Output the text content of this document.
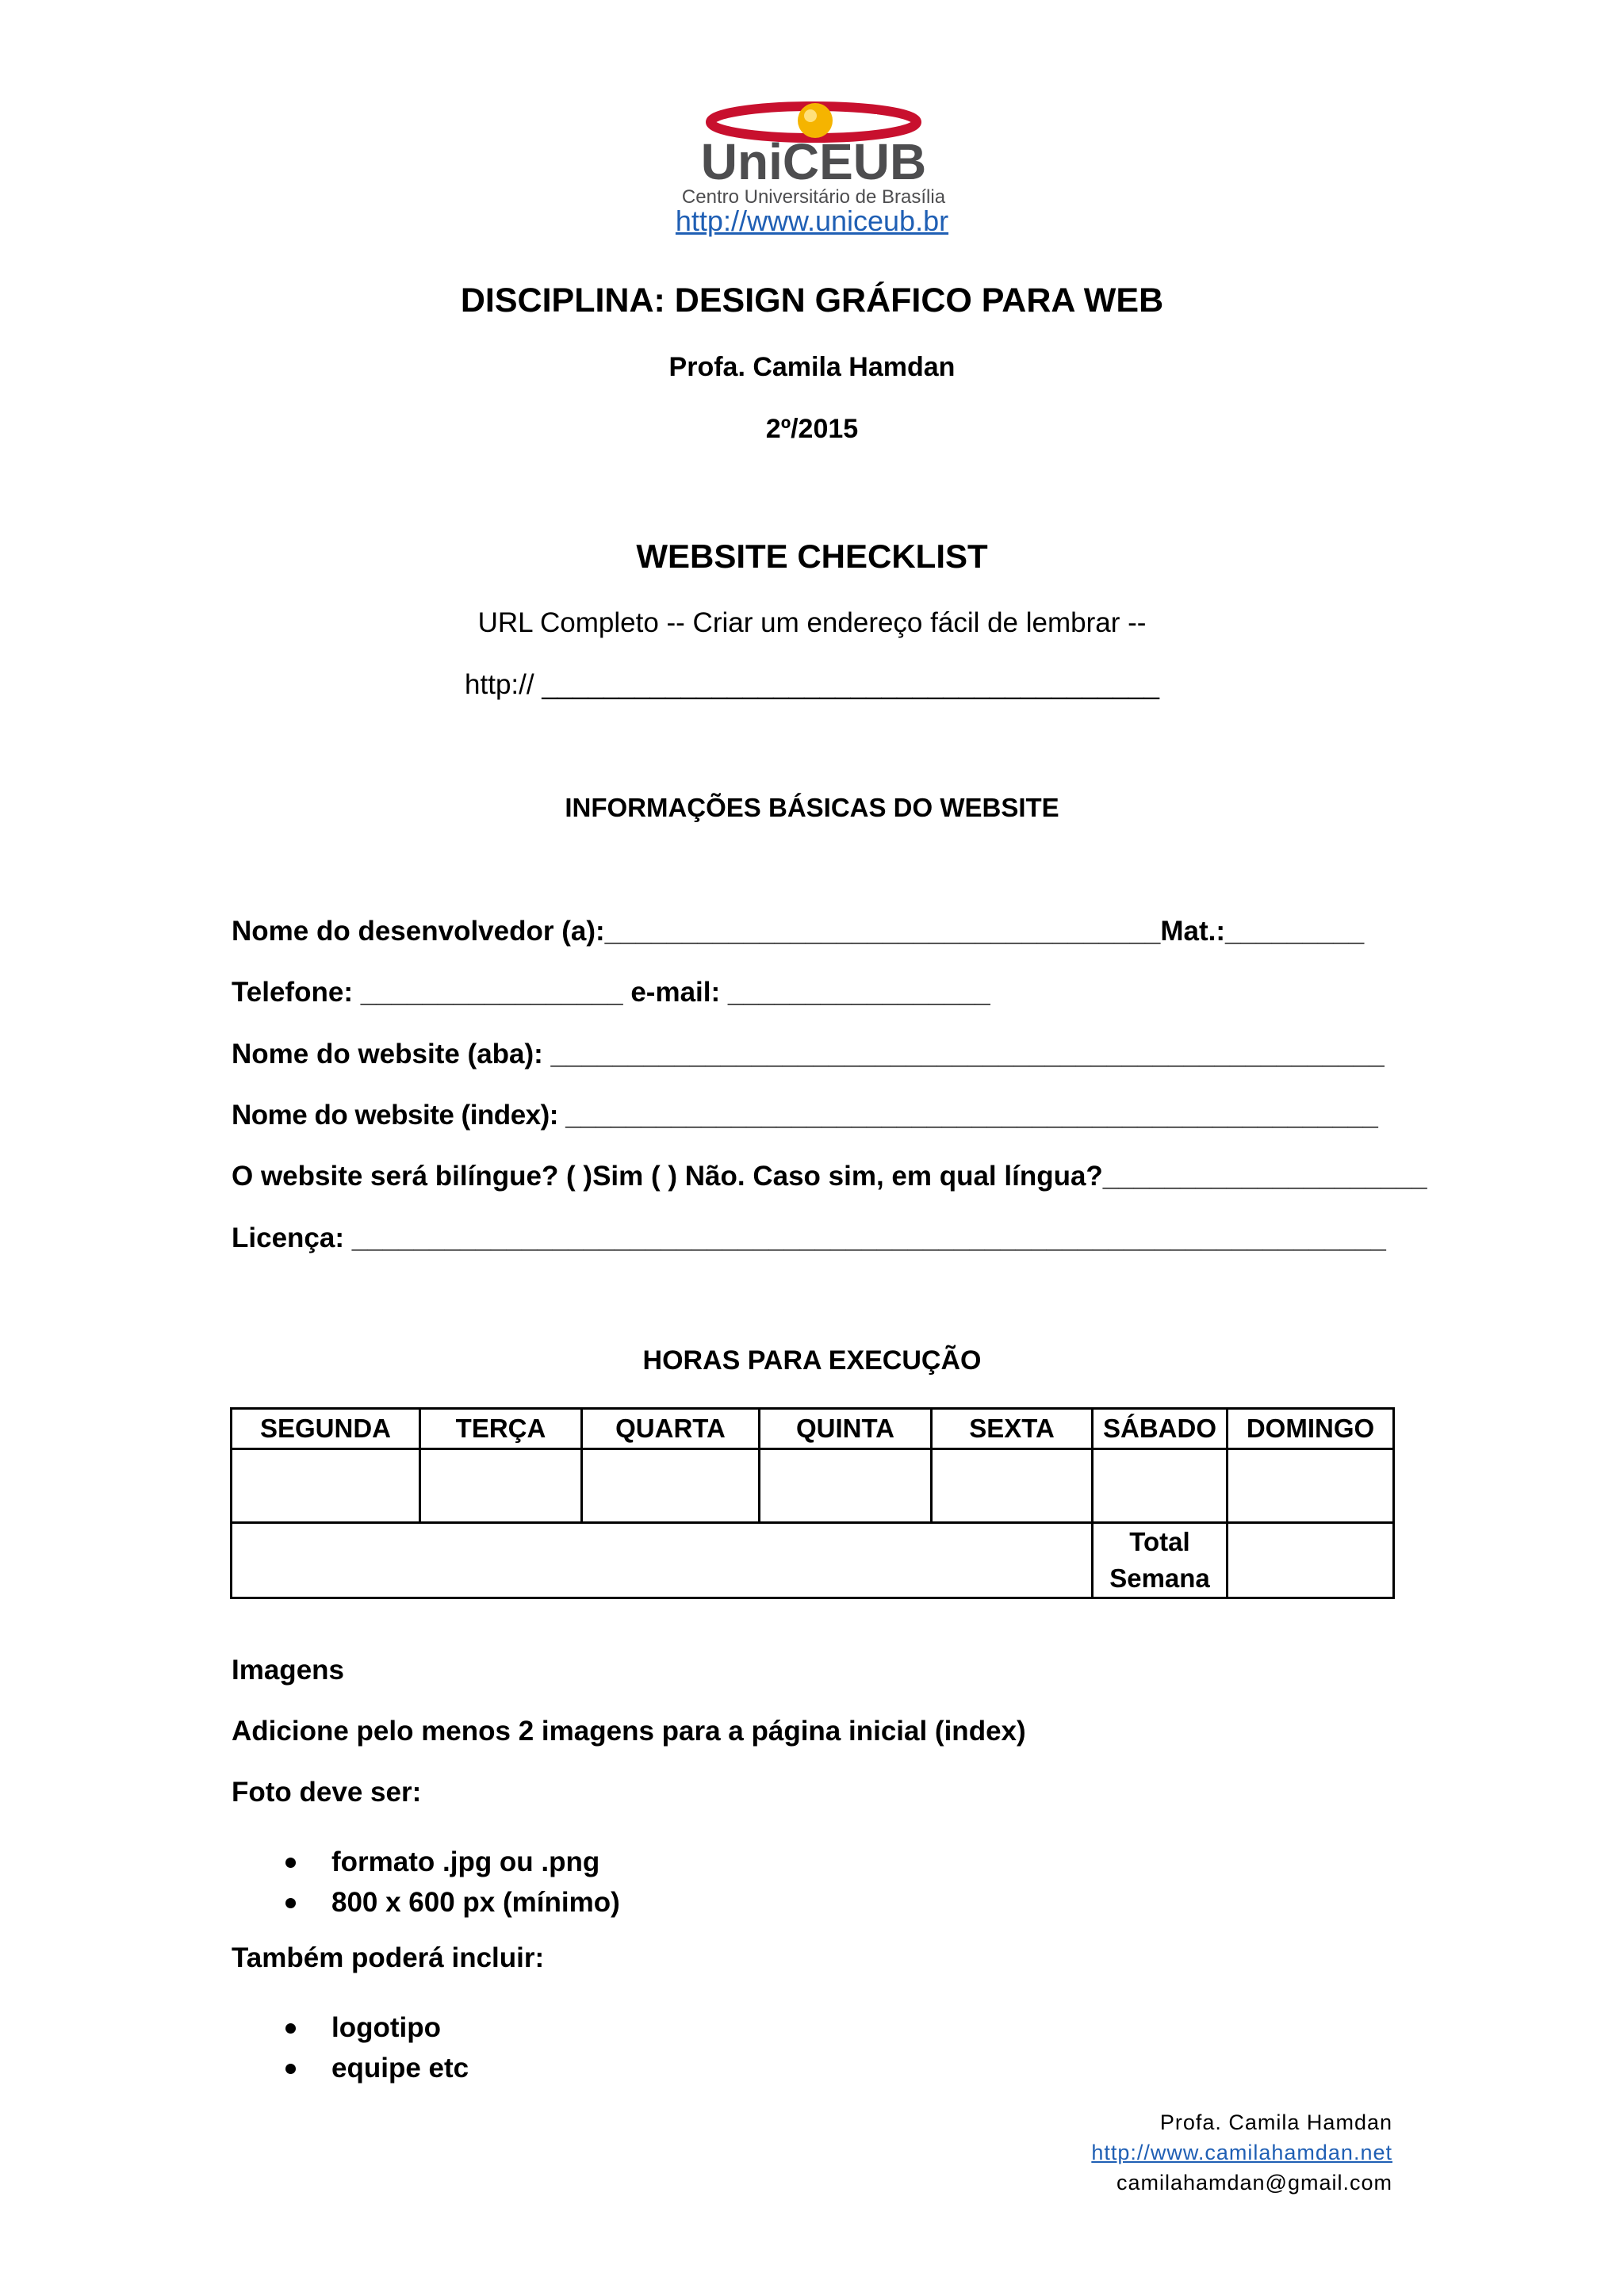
UniCEUB
Centro Universitário de Brasília
http://www.uniceub.br
DISCIPLINA: DESIGN GRÁFICO PARA WEB
Profa. Camila Hamdan
2º/2015
WEBSITE CHECKLIST
URL Completo -- Criar um endereço fácil de lembrar --
http:// ________________________________________
INFORMAÇÕES BÁSICAS DO WEBSITE
Nome do desenvolvedor (a):____________________________________Mat.:_________
Telefone: _________________ e-mail: _________________
Nome do website (aba): ______________________________________________________
Nome do website (index): ______________________________________________________
O website será bilíngue? ( )Sim ( ) Não. Caso sim, em qual língua?_____________________
Licença: ___________________________________________________________________
HORAS PARA EXECUÇÃO
SEGUNDA	TERÇA	QUARTA	QUINTA	SEXTA	SÁBADO	DOMINGO

					Total
Semana	
Imagens
Adicione pelo menos 2 imagens para a página inicial (index)
Foto deve ser:
formato .jpg ou .png
800 x 600 px (mínimo)
Também poderá incluir:
logotipo
equipe etc
Profa. Camila Hamdan
http://www.camilahamdan.net
camilahamdan@gmail.com
